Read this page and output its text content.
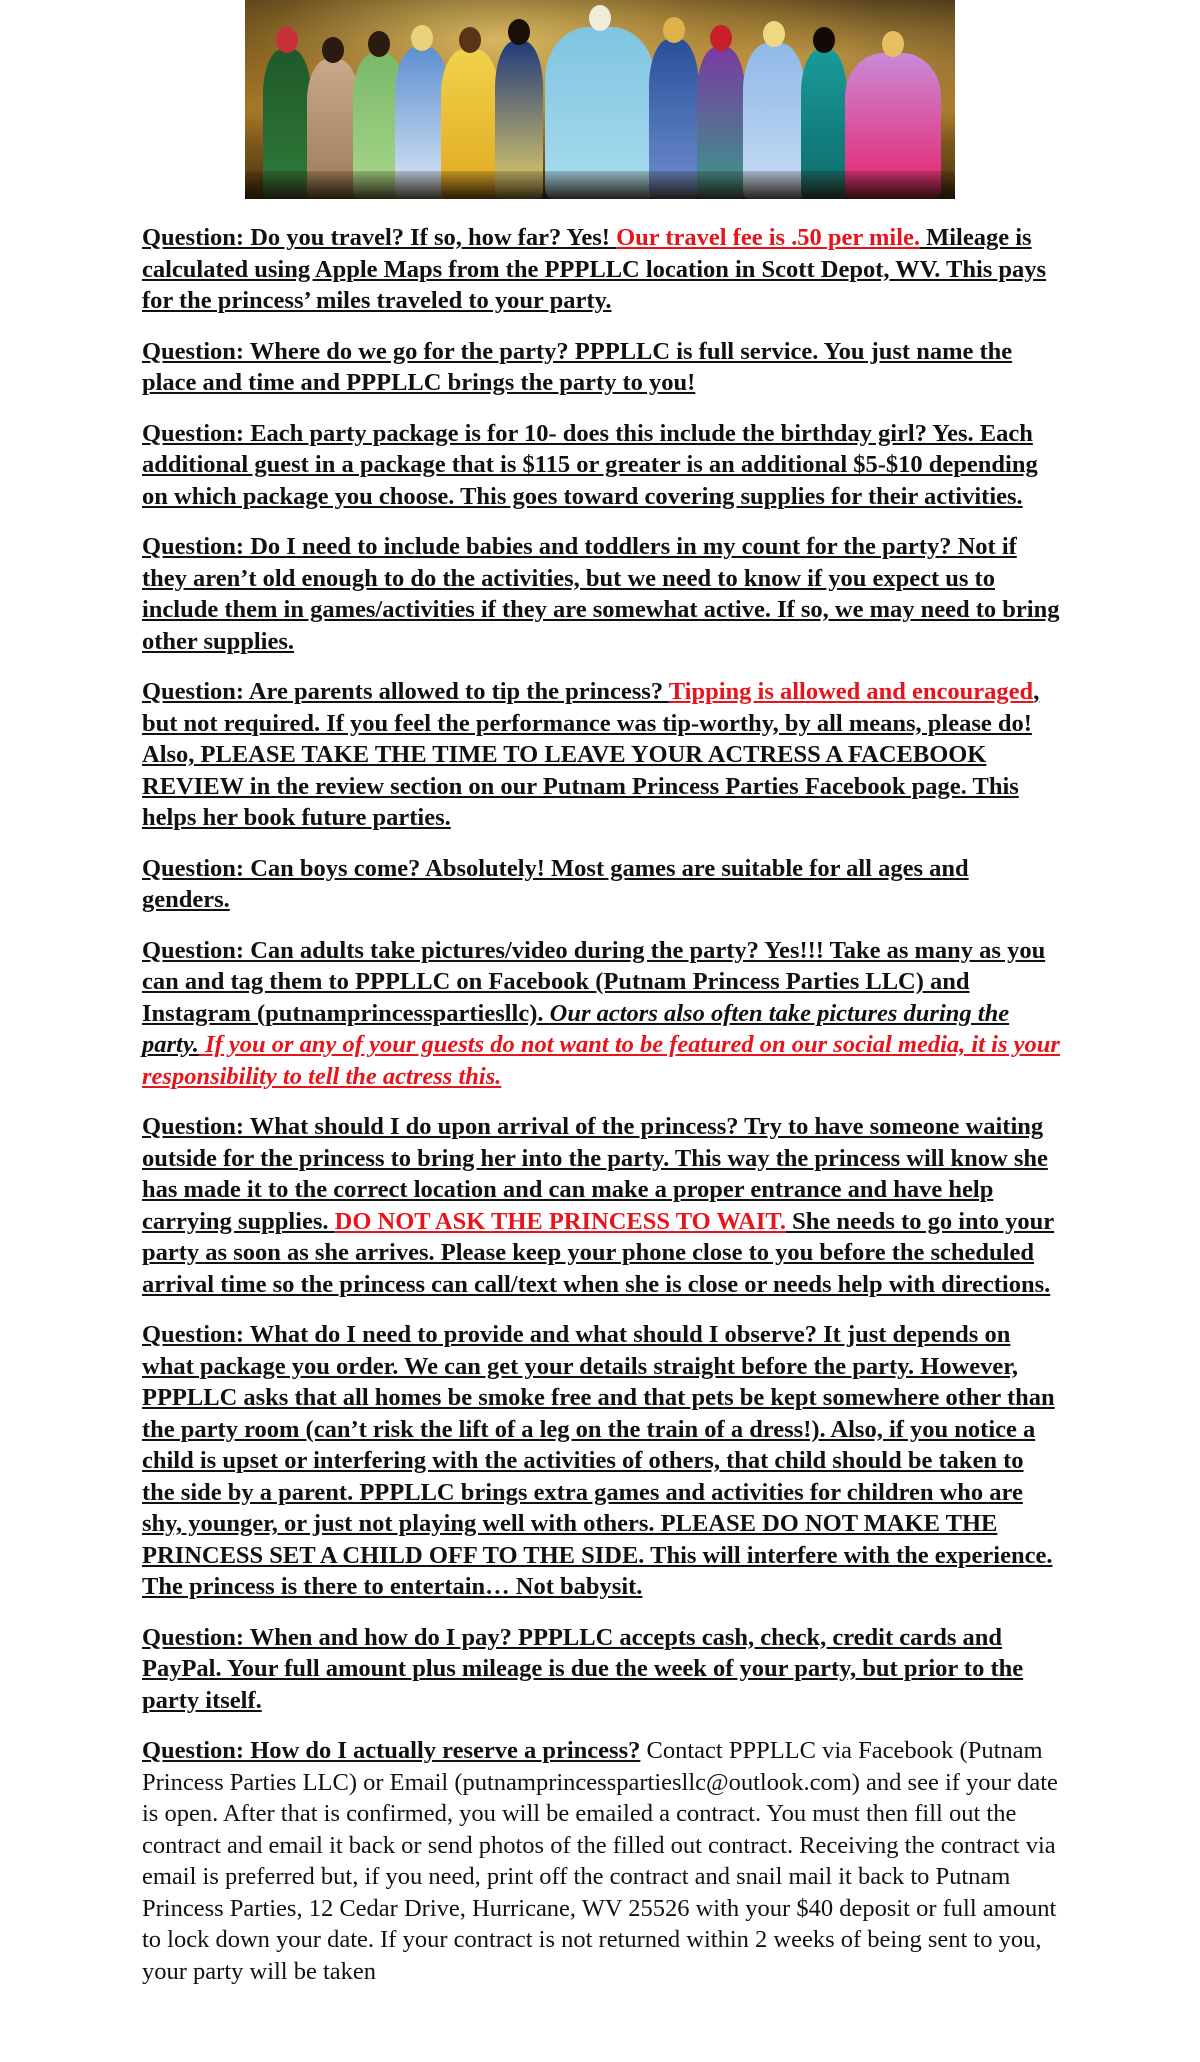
Question: Do you travel? If so, how far? Yes! Our travel fee is .50 per mile. Mileage is calculated using Apple Maps from the PPPLLC location in Scott Depot, WV. This pays for the princess’ miles traveled to your party.

Question: Where do we go for the party? PPPLLC is full service. You just name the place and time and PPPLLC brings the party to you!

Question: Each party package is for 10- does this include the birthday girl? Yes. Each additional guest in a package that is $115 or greater is an additional $5-$10 depending on which package you choose. This goes toward covering supplies for their activities.

Question: Do I need to include babies and toddlers in my count for the party? Not if they aren’t old enough to do the activities, but we need to know if you expect us to include them in games/activities if they are somewhat active. If so, we may need to bring other supplies.

Question: Are parents allowed to tip the princess? Tipping is allowed and encouraged, but not required. If you feel the performance was tip-worthy, by all means, please do! Also, PLEASE TAKE THE TIME TO LEAVE YOUR ACTRESS A FACEBOOK REVIEW in the review section on our Putnam Princess Parties Facebook page. This helps her book future parties.

Question: Can boys come? Absolutely! Most games are suitable for all ages and genders.

Question: Can adults take pictures/video during the party? Yes!!! Take as many as you can and tag them to PPPLLC on Facebook (Putnam Princess Parties LLC) and Instagram (putnamprincesspartiesllc). Our actors also often take pictures during the party. If you or any of your guests do not want to be featured on our social media, it is your responsibility to tell the actress this.

Question: What should I do upon arrival of the princess? Try to have someone waiting outside for the princess to bring her into the party. This way the princess will know she has made it to the correct location and can make a proper entrance and have help carrying supplies. DO NOT ASK THE PRINCESS TO WAIT. She needs to go into your party as soon as she arrives. Please keep your phone close to you before the scheduled arrival time so the princess can call/text when she is close or needs help with directions.

Question: What do I need to provide and what should I observe? It just depends on what package you order. We can get your details straight before the party. However, PPPLLC asks that all homes be smoke free and that pets be kept somewhere other than the party room (can’t risk the lift of a leg on the train of a dress!). Also, if you notice a child is upset or interfering with the activities of others, that child should be taken to the side by a parent. PPPLLC brings extra games and activities for children who are shy, younger, or just not playing well with others. PLEASE DO NOT MAKE THE PRINCESS SET A CHILD OFF TO THE SIDE. This will interfere with the experience. The princess is there to entertain… Not babysit.

Question: When and how do I pay? PPPLLC accepts cash, check, credit cards and PayPal. Your full amount plus mileage is due the week of your party, but prior to the party itself.

Question: How do I actually reserve a princess? Contact PPPLLC via Facebook (Putnam Princess Parties LLC) or Email (putnamprincesspartiesllc@outlook.com) and see if your date is open. After that is confirmed, you will be emailed a contract. You must then fill out the contract and email it back or send photos of the filled out contract. Receiving the contract via email is preferred but, if you need, print off the contract and snail mail it back to Putnam Princess Parties, 12 Cedar Drive, Hurricane, WV 25526 with your $40 deposit or full amount to lock down your date. If your contract is not returned within 2 weeks of being sent to you, your party will be taken
